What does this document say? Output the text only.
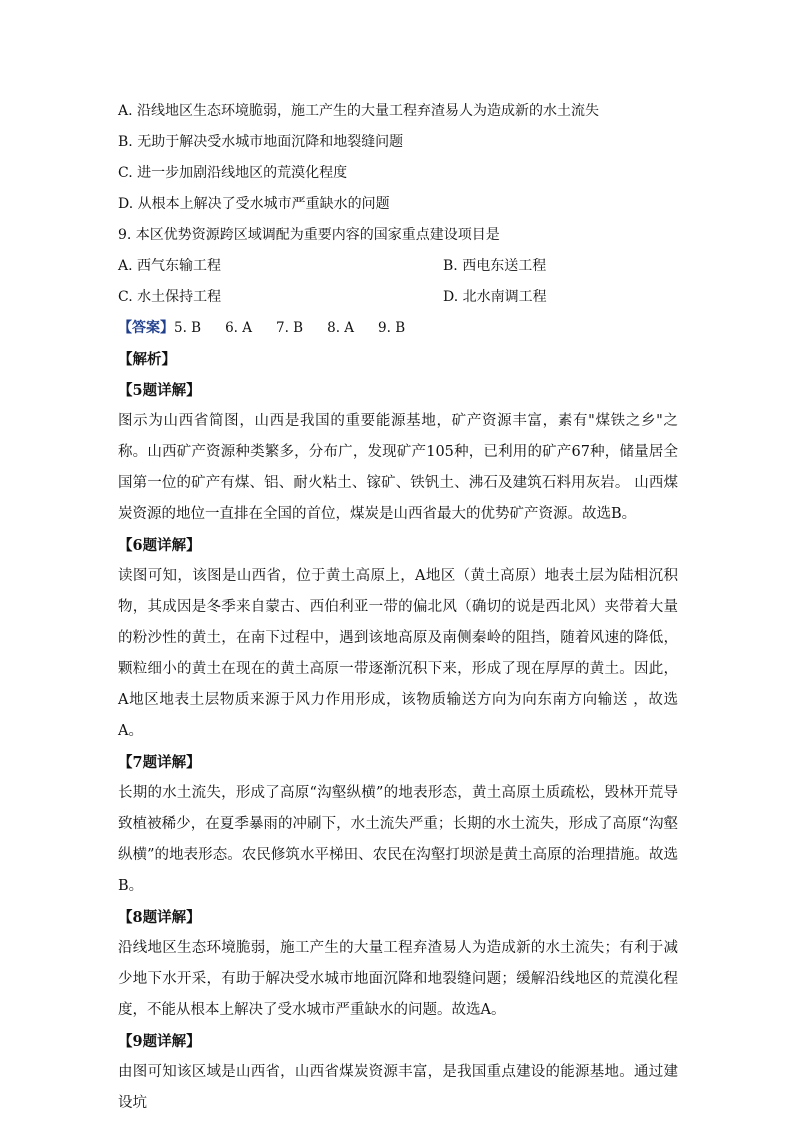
A. 沿线地区生态环境脆弱，施工产生的大量工程弃渣易人为造成新的水土流失
B. 无助于解决受水城市地面沉降和地裂缝问题
C. 进一步加剧沿线地区的荒漠化程度
D. 从根本上解决了受水城市严重缺水的问题
9. 本区优势资源跨区域调配为重要内容的国家重点建设项目是
A. 西气东输工程	B. 西电东送工程
C. 水土保持工程	D. 北水南调工程
【答案】 5. B 6. A 7. B 8. A 9. B
【解析】
【5题详解】
图示为山西省简图，山西是我国的重要能源基地，矿产资源丰富，素有"煤铁之乡"之称。山西矿产资源种类繁多，分布广，发现矿产105种，已利用的矿产67种，储量居全国第一位的矿产有煤、铝、耐火粘土、镓矿、铁钒土、沸石及建筑石料用灰岩。 山西煤炭资源的地位一直排在全国的首位，煤炭是山西省最大的优势矿产资源。故选B。
【6题详解】
读图可知，该图是山西省，位于黄土高原上，A地区（黄土高原）地表土层为陆相沉积物，其成因是冬季来自蒙古、西伯利亚一带的偏北风（确切的说是西北风）夹带着大量的粉沙性的黄土，在南下过程中，遇到该地高原及南侧秦岭的阻挡，随着风速的降低，颗粒细小的黄土在现在的黄土高原一带逐渐沉积下来，形成了现在厚厚的黄土。因此，A地区地表土层物质来源于风力作用形成，该物质输送方向为向东南方向输送 ，故选A。
【7题详解】
长期的水土流失，形成了高原“沟壑纵横”的地表形态，黄土高原土质疏松，毁林开荒导致植被稀少，在夏季暴雨的冲刷下，水土流失严重；长期的水土流失，形成了高原“沟壑纵横”的地表形态。农民修筑水平梯田、农民在沟壑打坝淤是黄土高原的治理措施。故选B。
【8题详解】
沿线地区生态环境脆弱，施工产生的大量工程弃渣易人为造成新的水土流失；有利于减少地下水开采，有助于解决受水城市地面沉降和地裂缝问题；缓解沿线地区的荒漠化程度，不能从根本上解决了受水城市严重缺水的问题。故选A。
【9题详解】
由图可知该区域是山西省，山西省煤炭资源丰富，是我国重点建设的能源基地。通过建设坑
